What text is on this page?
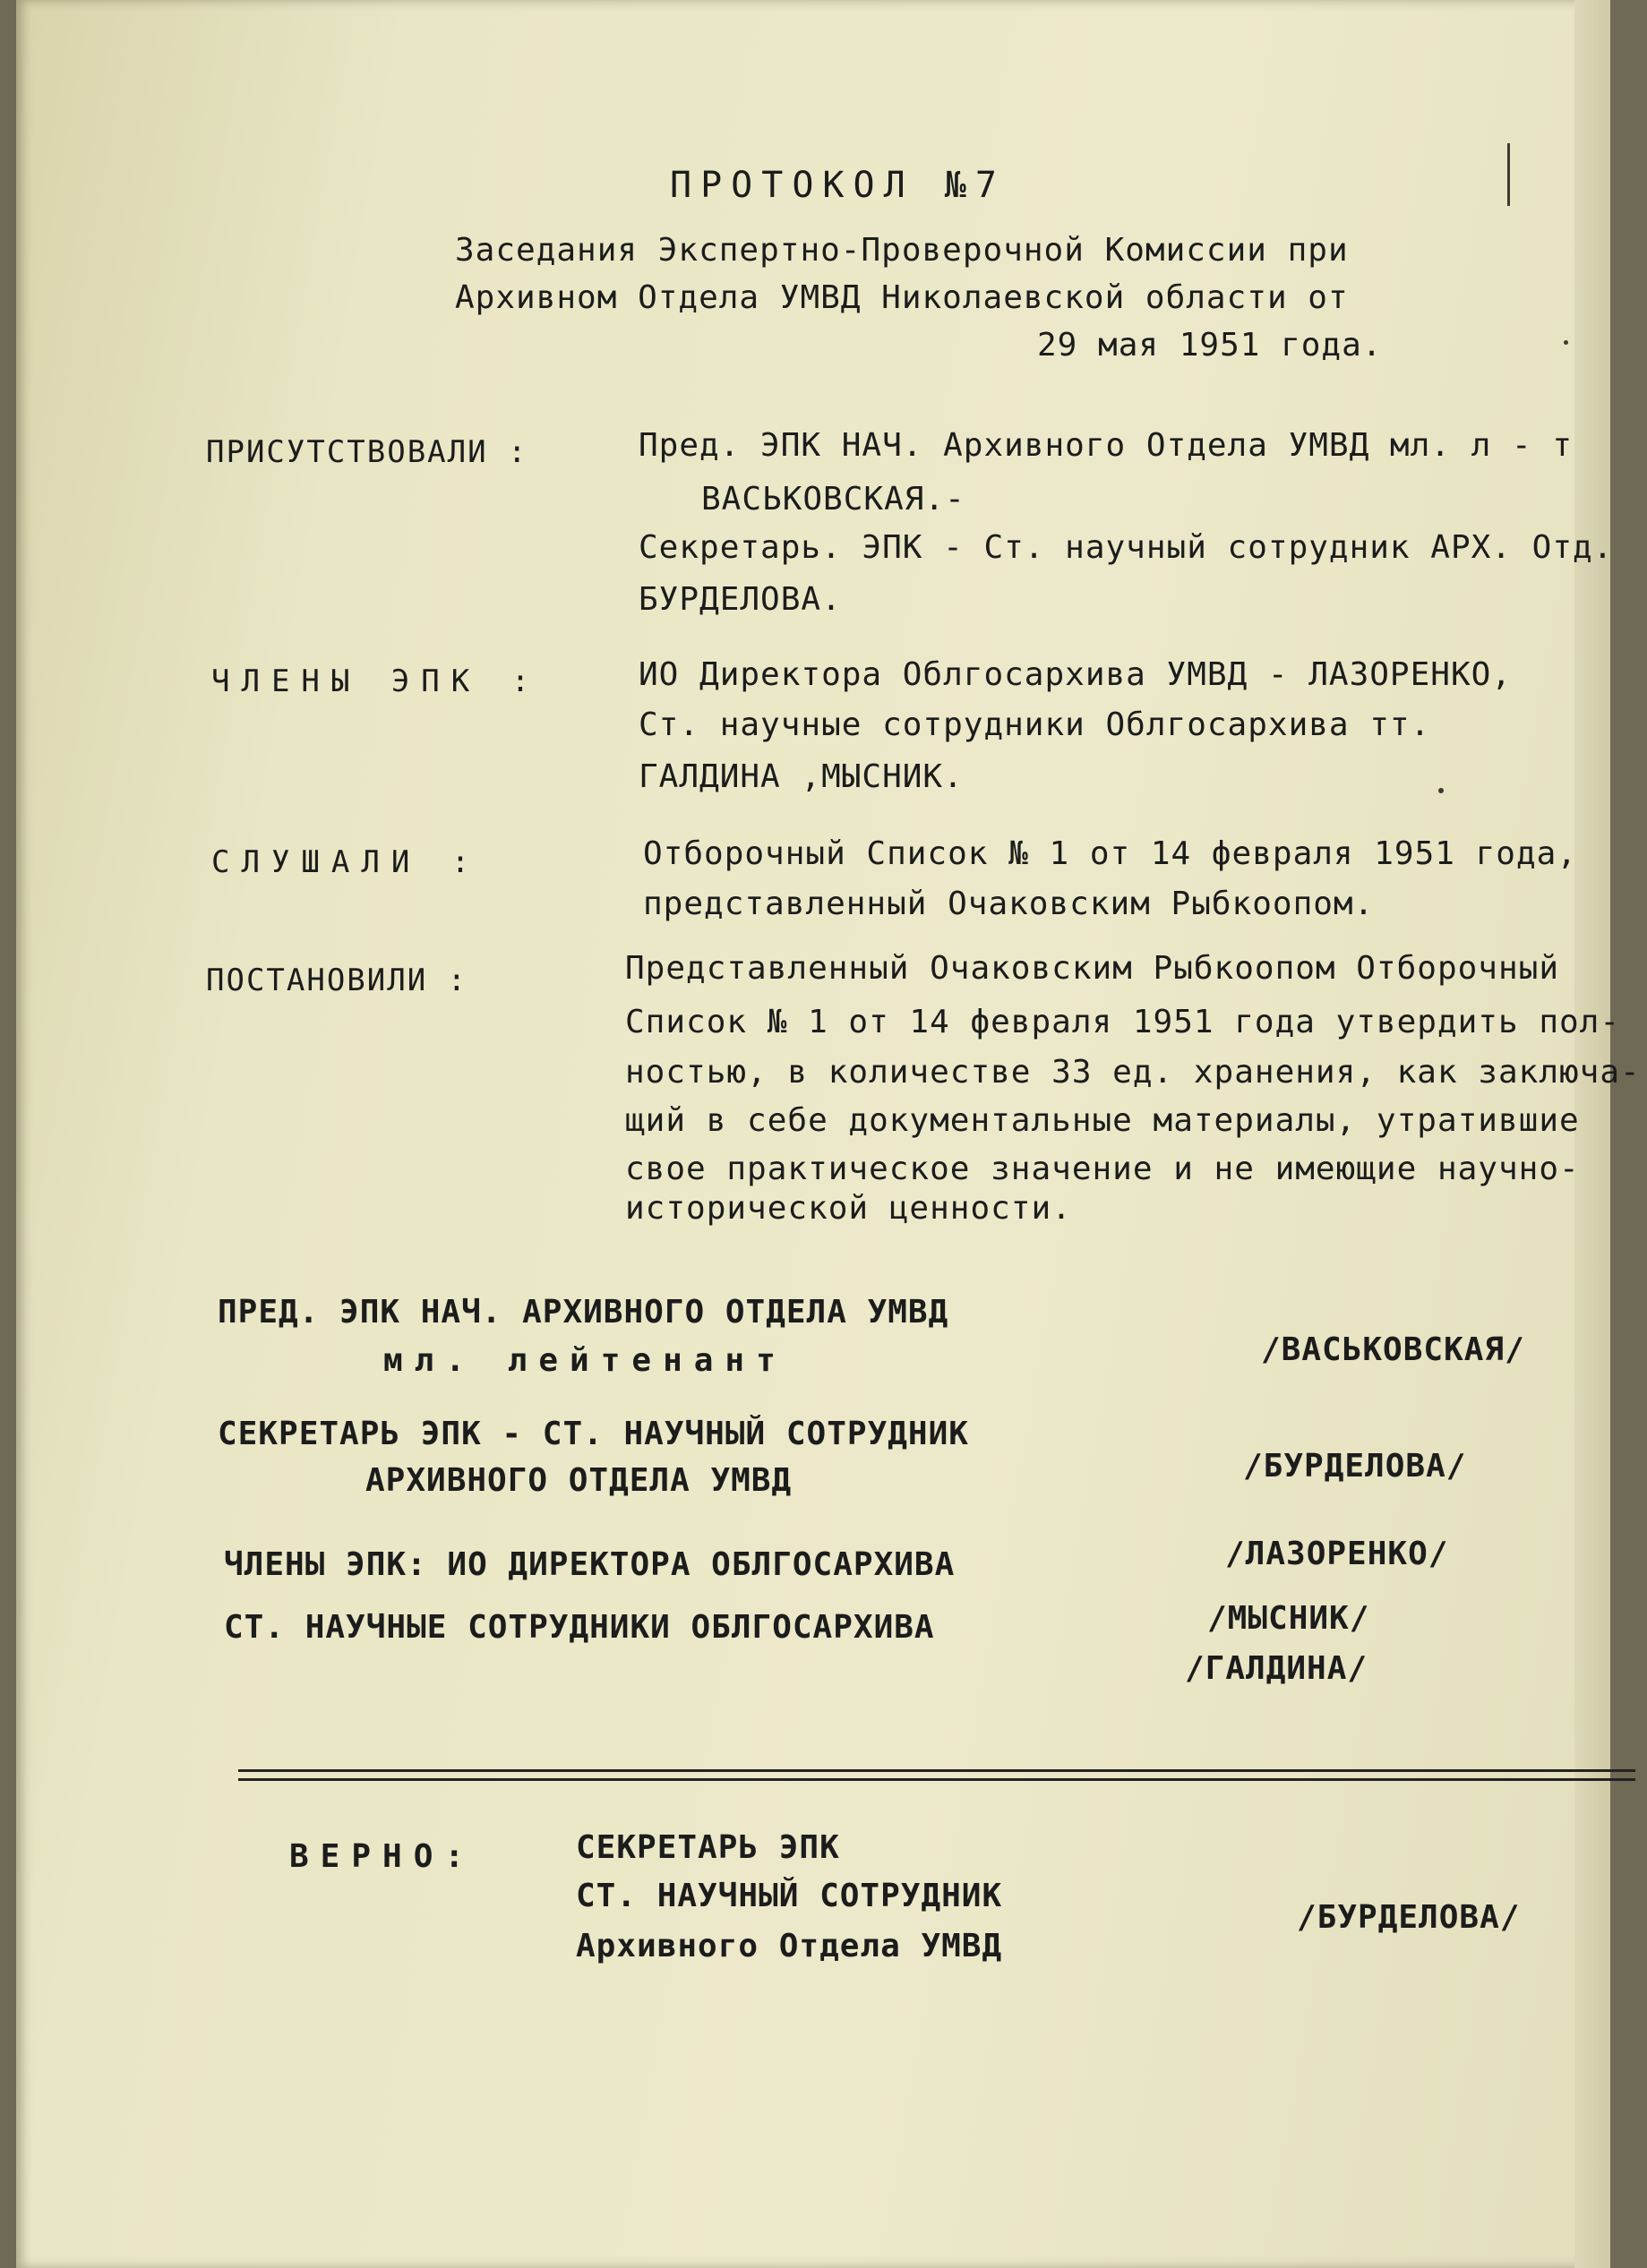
ПРОТОКОЛ №7
Заседания Экспертно-Проверочной Комиссии при
Архивном Отдела УМВД Николаевской области от
29 мая 1951 года.
ПРИСУТСТВОВАЛИ :	Пред. ЭПК НАЧ. Архивного Отдела УМВД мл. л - т
ВАСЬКОВСКАЯ.-
Секретарь. ЭПК - Ст. научный сотрудник АРХ. Отд.
БУРДЕЛОВА.
ЧЛЕНЫ ЭПК :	ИО Директора Облгосархива УМВД - ЛАЗОРЕНКО,
Ст. научные сотрудники Облгосархива тт.
ГАЛДИНА ,МЫСНИК.
СЛУШАЛИ :	Отборочный Список № 1 от 14 февраля 1951 года,
представленный Очаковским Рыбкоопом.
ПОСТАНОВИЛИ :	Представленный Очаковским Рыбкоопом Отборочный
Список № 1 от 14 февраля 1951 года утвердить пол-
ностью, в количестве 33 ед. хранения, как заключа-
щий в себе документальные материалы, утратившие
свое практическое значение и не имеющие научно-
исторической ценности.
ПРЕД. ЭПК НАЧ. АРХИВНОГО ОТДЕЛА УМВД
мл. лейтенант	/ВАСЬКОВСКАЯ/
СЕКРЕТАРЬ ЭПК - СТ. НАУЧНЫЙ СОТРУДНИК
АРХИВНОГО ОТДЕЛА УМВД	/БУРДЕЛОВА/
ЧЛЕНЫ ЭПК: ИО ДИРЕКТОРА ОБЛГОСАРХИВА	/ЛАЗОРЕНКО/
СТ. НАУЧНЫЕ СОТРУДНИКИ ОБЛГОСАРХИВА	/МЫСНИК/
/ГАЛДИНА/
ВЕРНО:	СЕКРЕТАРЬ ЭПК
СТ. НАУЧНЫЙ СОТРУДНИК
Архивного Отдела УМВД
/БУРДЕЛОВА/
